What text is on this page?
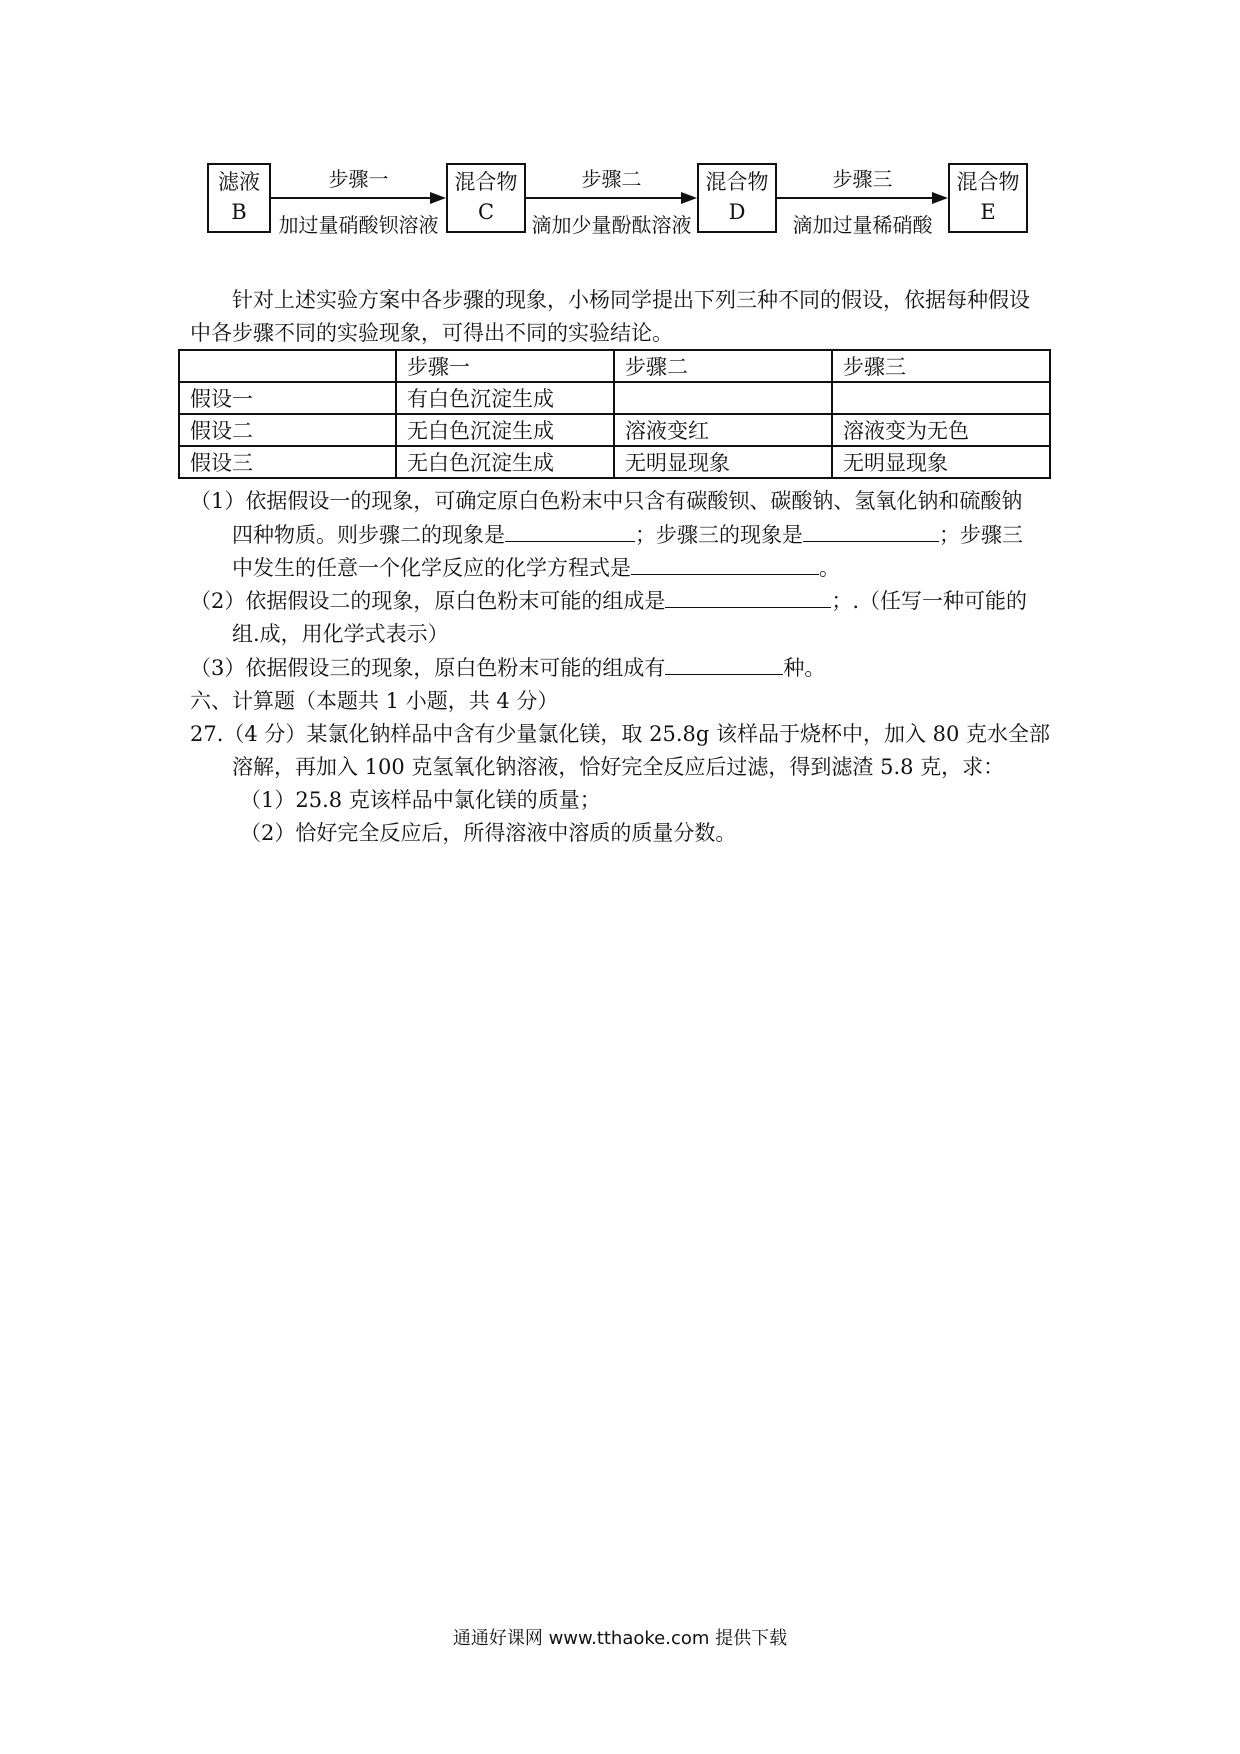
滤液
B
混合物
C
混合物
D
混合物
E
步骤一
加过量硝酸钡溶液
步骤二
滴加少量酚酞溶液
步骤三
滴加过量稀硝酸
针对上述实验方案中各步骤的现象，小杨同学提出下列三种不同的假设，依据每种假设
中各步骤不同的实验现象，可得出不同的实验结论。
	步骤一	步骤二	步骤三
假设一	有白色沉淀生成		
假设二	无白色沉淀生成	溶液变红	溶液变为无色
假设三	无白色沉淀生成	无明显现象	无明显现象
（1）依据假设一的现象，可确定原白色粉末中只含有碳酸钡、碳酸钠、氢氧化钠和硫酸钠
四种物质。则步骤二的现象是	；步骤三的现象是	；步骤三
中发生的任意一个化学反应的化学方程式是	。
（2）依据假设二的现象，原白色粉末可能的组成是	；.（任写一种可能的
组.成，用化学式表示）
（3）依据假设三的现象，原白色粉末可能的组成有	种。
六、计算题（本题共 1 小题，共 4 分）
27.（4 分）某氯化钠样品中含有少量氯化镁，取 25.8g 该样品于烧杯中，加入 80 克水全部
溶解，再加入 100 克氢氧化钠溶液，恰好完全反应后过滤，得到滤渣 5.8 克，求：
（1）25.8 克该样品中氯化镁的质量；
（2）恰好完全反应后，所得溶液中溶质的质量分数。
通通好课网 www.tthaoke.com 提供下载
